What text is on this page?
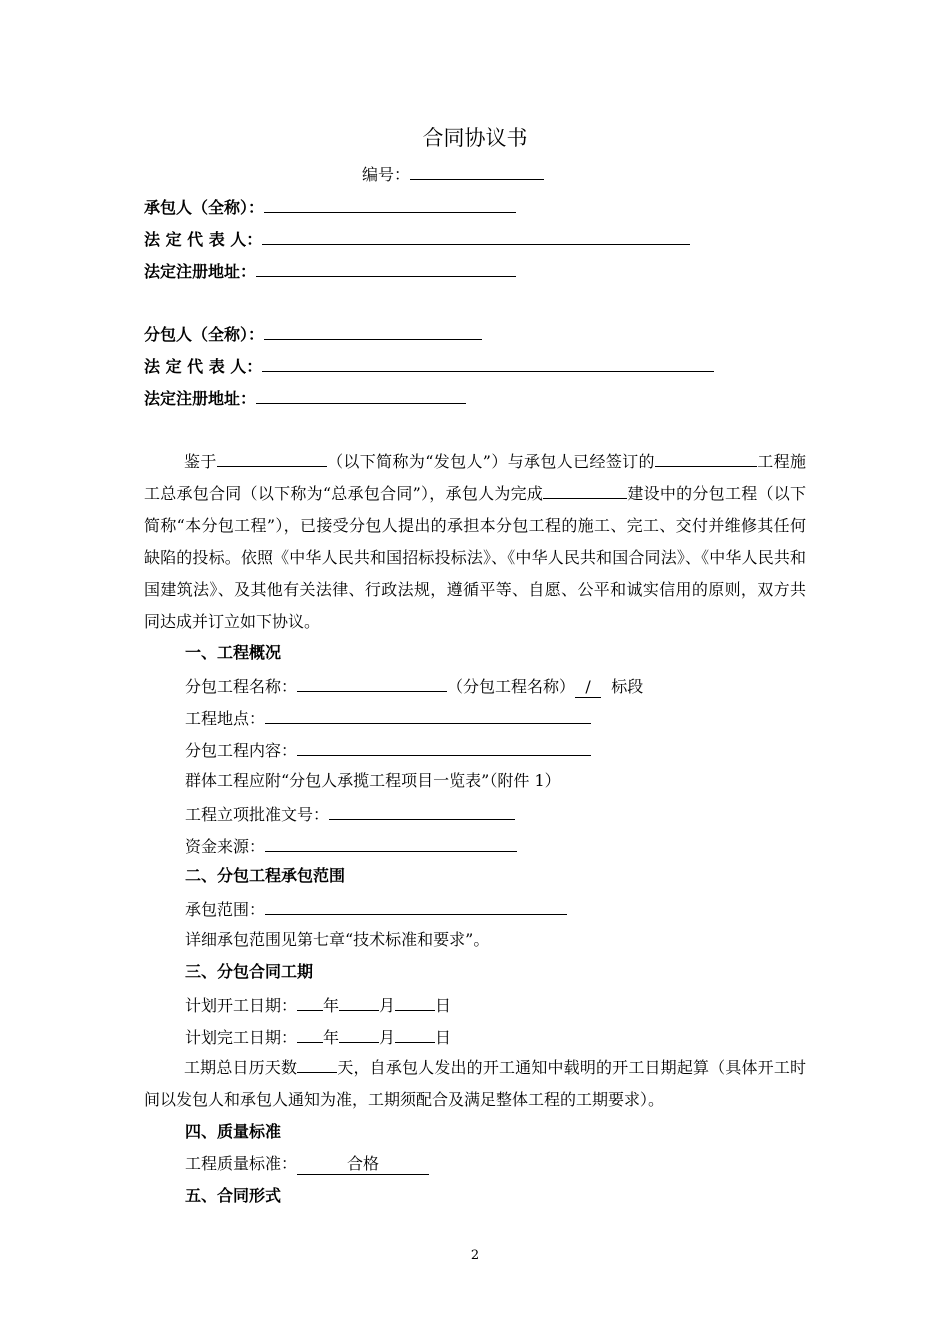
合同协议书
编号：
承包人（全称）：
法 定 代 表 人：
法定注册地址：
分包人（全称）：
法 定 代 表 人：
法定注册地址：
鉴于	（以下简称为“发包人”）与承包人已经签订的	工程施工总承包合同（以下称为“总承包合同”），承包人为完成	建设中的分包工程（以下简称“本分包工程”），已接受分包人提出的承担本分包工程的施工、完工、交付并维修其任何缺陷的投标。依照《中华人民共和国招标投标法》、《中华人民共和国合同法》、《中华人民共和国建筑法》、及其他有关法律、行政法规，遵循平等、自愿、公平和诚实信用的原则，双方共同达成并订立如下协议。
一、工程概况
分包工程名称：	（分包工程名称） / 标段
工程地点：
分包工程内容：
群体工程应附“分包人承揽工程项目一览表”（附件 1）
工程立项批准文号：
资金来源：
二、分包工程承包范围
承包范围：
详细承包范围见第七章“技术标准和要求”。
三、分包合同工期
计划开工日期： 年	月	日
计划完工日期： 年	月	日
工期总日历天数	天，自承包人发出的开工通知中载明的开工日期起算（具体开工时间以发包人和承包人通知为准，工期须配合及满足整体工程的工期要求）。
四、质量标准
工程质量标准：	合格
五、合同形式
2
